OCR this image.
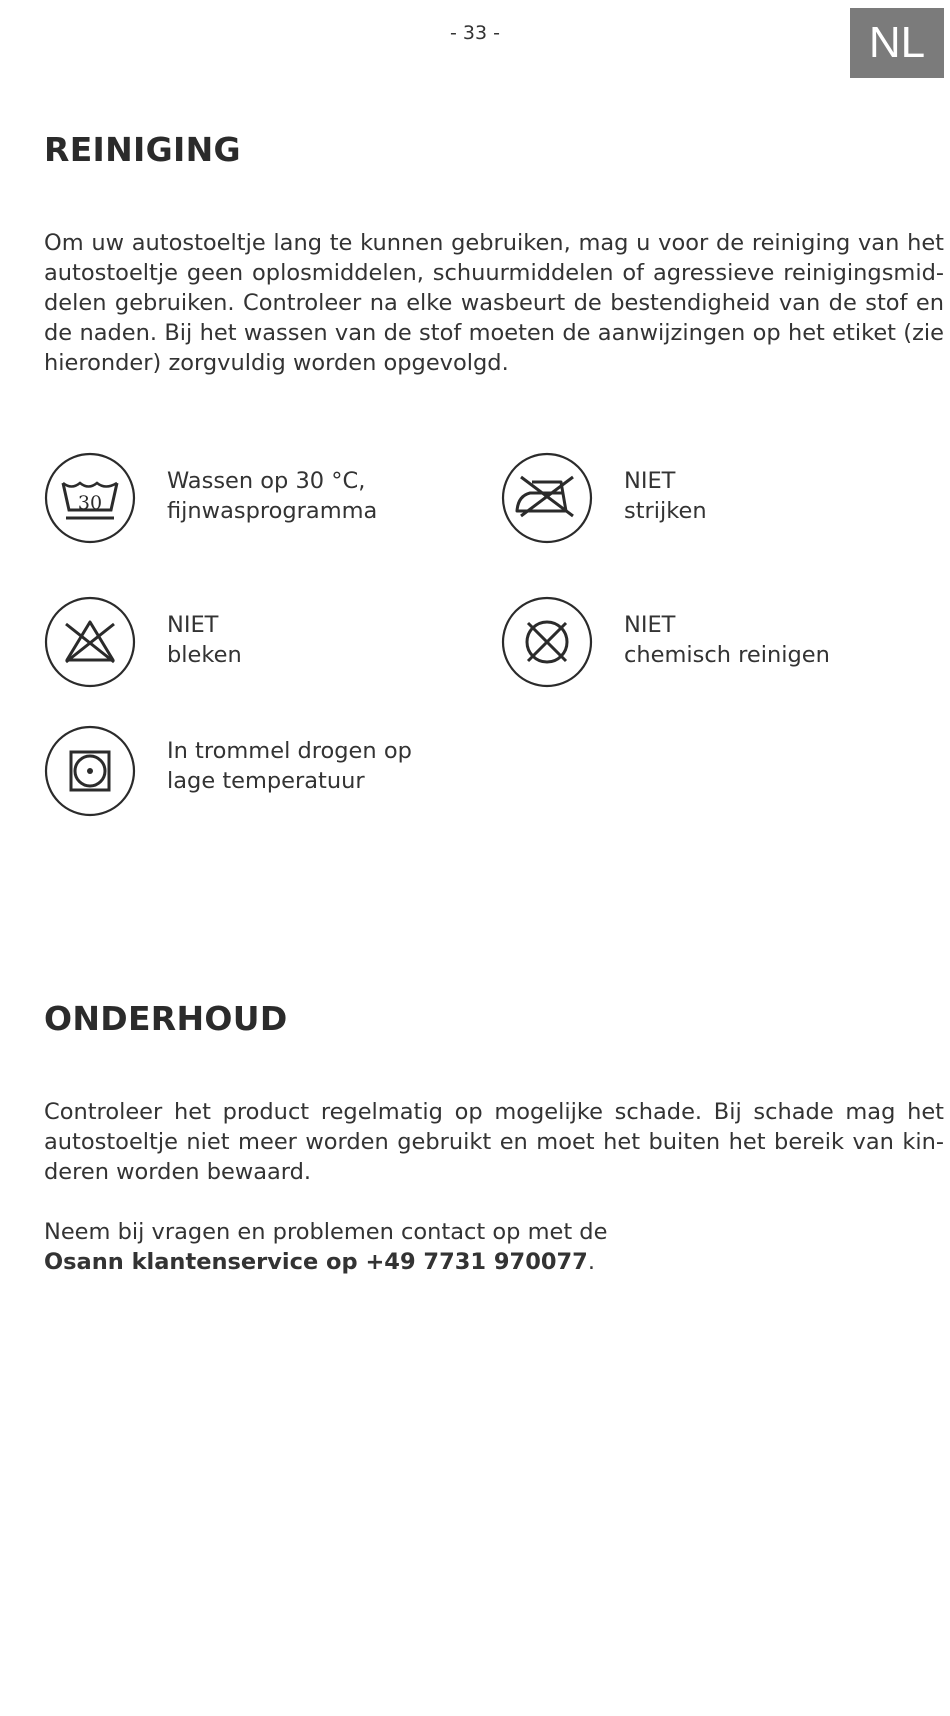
- 33 -	NL
REINIGING

Om uw autostoeltje lang te kunnen gebruiken, mag u voor de reiniging van het autostoeltje geen oplosmiddelen, schuurmiddelen of agressieve reinigingsmiddelen gebruiken. Controleer na elke wasbeurt de bestendigheid van de stof en de naden. Bij het wassen van de stof moeten de aanwijzingen op het etiket (zie hieronder) zorgvuldig worden opgevolgd.

30
Wassen op 30 °C,
fijnwasprogramma
NIET
strijken
NIET
bleken
NIET
chemisch reinigen
In trommel drogen op
lage temperatuur
ONDERHOUD

Controleer het product regelmatig op mogelijke schade. Bij schade mag het autostoeltje niet meer worden gebruikt en moet het buiten het bereik van kinderen worden bewaard.

Neem bij vragen en problemen contact op met de
Osann klantenservice op +49 7731 970077.
